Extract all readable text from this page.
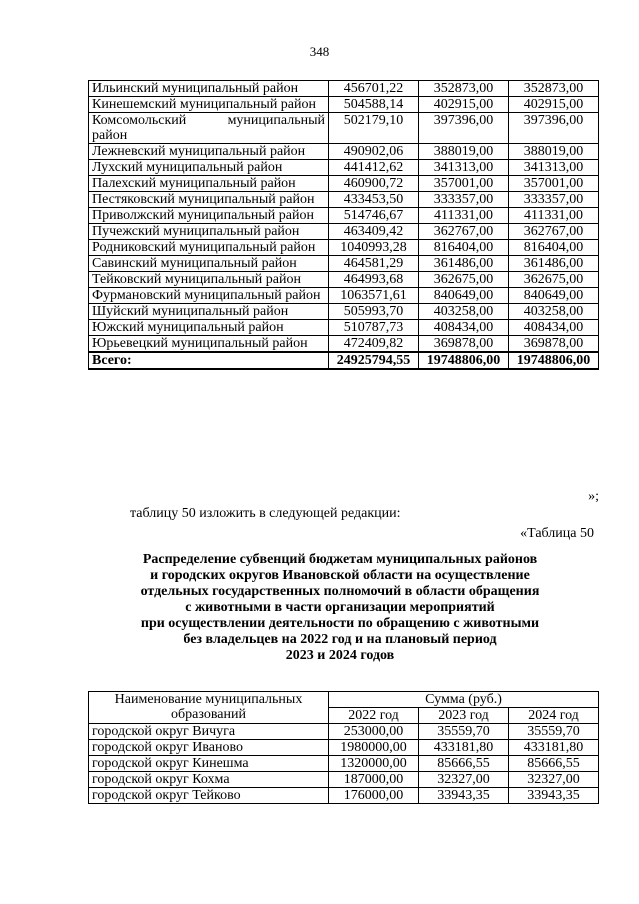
348
Ильинский муниципальный район	456701,22	352873,00	352873,00
Кинешемский муниципальный район	504588,14	402915,00	402915,00
Комсомольский муниципальный район	502179,10	397396,00	397396,00
Лежневский муниципальный район	490902,06	388019,00	388019,00
Лухский муниципальный район	441412,62	341313,00	341313,00
Палехский муниципальный район	460900,72	357001,00	357001,00
Пестяковский муниципальный район	433453,50	333357,00	333357,00
Приволжский муниципальный район	514746,67	411331,00	411331,00
Пучежский муниципальный район	463409,42	362767,00	362767,00
Родниковский муниципальный район	1040993,28	816404,00	816404,00
Савинский муниципальный район	464581,29	361486,00	361486,00
Тейковский муниципальный район	464993,68	362675,00	362675,00
Фурмановский муниципальный район	1063571,61	840649,00	840649,00
Шуйский муниципальный район	505993,70	403258,00	403258,00
Южский муниципальный район	510787,73	408434,00	408434,00
Юрьевецкий муниципальный район	472409,82	369878,00	369878,00
Всего:	24925794,55	19748806,00	19748806,00
»;
таблицу 50 изложить в следующей редакции:
«Таблица 50
Распределение субвенций бюджетам муниципальных районов
и городских округов Ивановской области на осуществление
отдельных государственных полномочий в области обращения
с животными в части организации мероприятий
при осуществлении деятельности по обращению с животными
без владельцев на 2022 год и на плановый период
2023 и 2024 годов
Наименование муниципальных образований	Сумма (руб.)		
	2022 год	2023 год	2024 год
городской округ Вичуга	253000,00	35559,70	35559,70
городской округ Иваново	1980000,00	433181,80	433181,80
городской округ Кинешма	1320000,00	85666,55	85666,55
городской округ Кохма	187000,00	32327,00	32327,00
городской округ Тейково	176000,00	33943,35	33943,35
